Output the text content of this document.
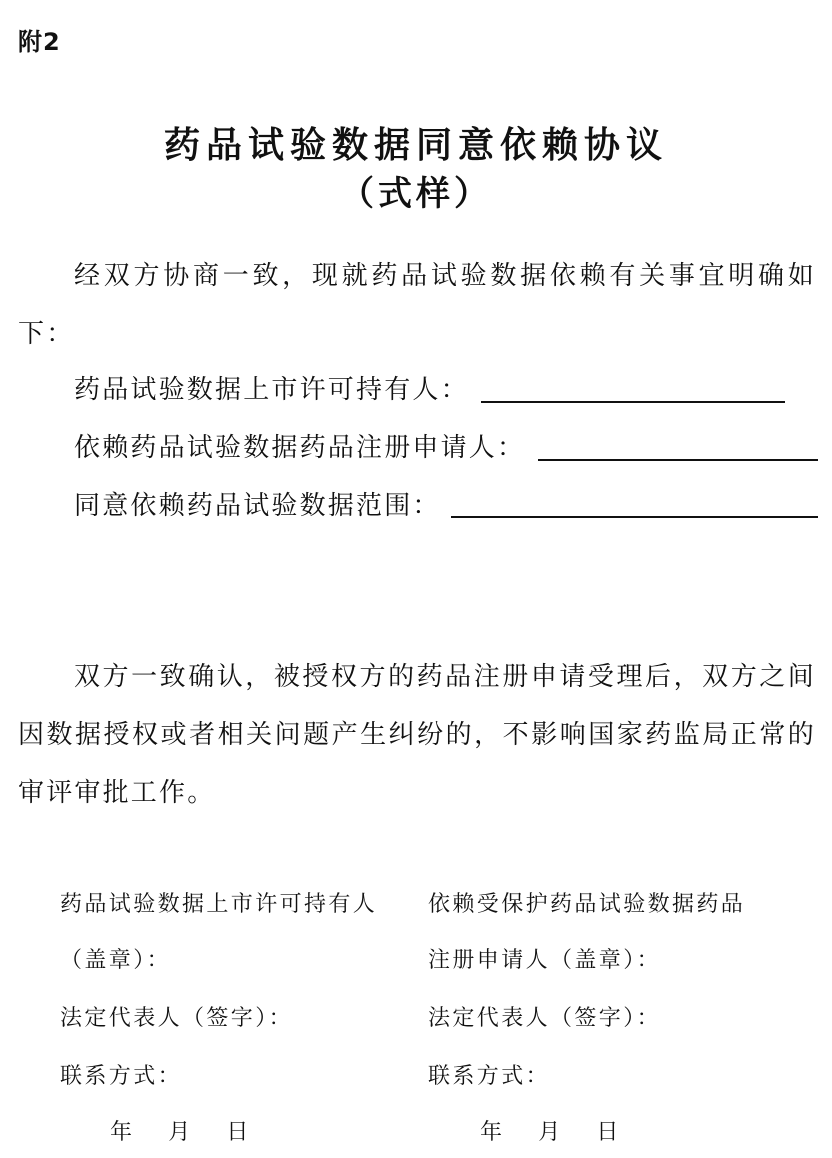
附2
药品试验数据同意依赖协议
（式样）
经双方协商一致，现就药品试验数据依赖有关事宜明确如下：
药品试验数据上市许可持有人：
依赖药品试验数据药品注册申请人：
同意依赖药品试验数据范围：
双方一致确认，被授权方的药品注册申请受理后，双方之间因数据授权或者相关问题产生纠纷的，不影响国家药监局正常的审评审批工作。
药品试验数据上市许可持有人
（盖章）：
法定代表人（签字）：
联系方式：
年　 月　 日
依赖受保护药品试验数据药品
注册申请人（盖章）：
法定代表人（签字）：
联系方式：
年　 月　 日
